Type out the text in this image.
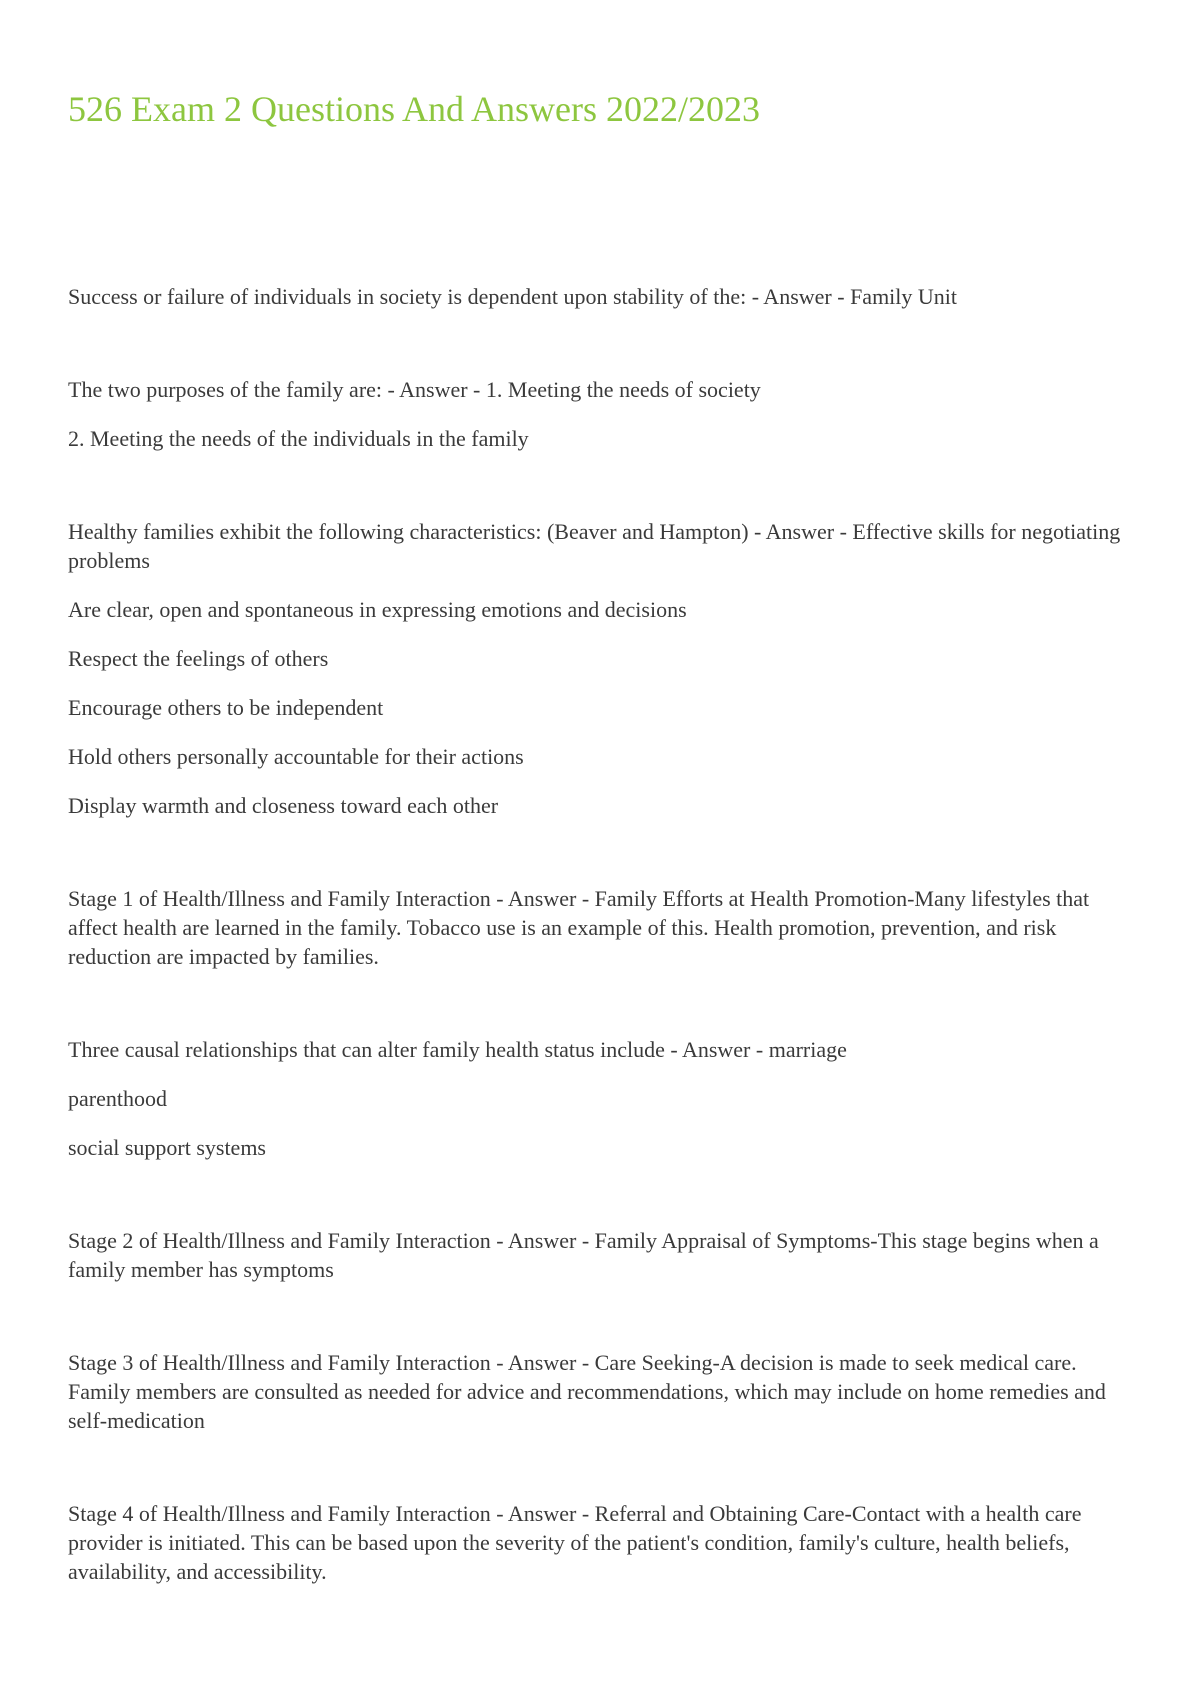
526 Exam 2 Questions And Answers 2022/2023

Success or failure of individuals in society is dependent upon stability of the: - Answer - Family Unit

The two purposes of the family are: - Answer - 1. Meeting the needs of society

2. Meeting the needs of the individuals in the family

Healthy families exhibit the following characteristics: (Beaver and Hampton) - Answer - Effective skills for negotiating problems

Are clear, open and spontaneous in expressing emotions and decisions

Respect the feelings of others

Encourage others to be independent

Hold others personally accountable for their actions

Display warmth and closeness toward each other

Stage 1 of Health/Illness and Family Interaction - Answer - Family Efforts at Health Promotion-Many lifestyles that affect health are learned in the family. Tobacco use is an example of this. Health promotion, prevention, and risk reduction are impacted by families.

Three causal relationships that can alter family health status include - Answer - marriage

parenthood

social support systems

Stage 2 of Health/Illness and Family Interaction - Answer - Family Appraisal of Symptoms-This stage begins when a family member has symptoms

Stage 3 of Health/Illness and Family Interaction - Answer - Care Seeking-A decision is made to seek medical care. Family members are consulted as needed for advice and recommendations, which may include on home remedies and self-medication

Stage 4 of Health/Illness and Family Interaction - Answer - Referral and Obtaining Care-Contact with a health care provider is initiated. This can be based upon the severity of the patient's condition, family's culture, health beliefs, availability, and accessibility.
